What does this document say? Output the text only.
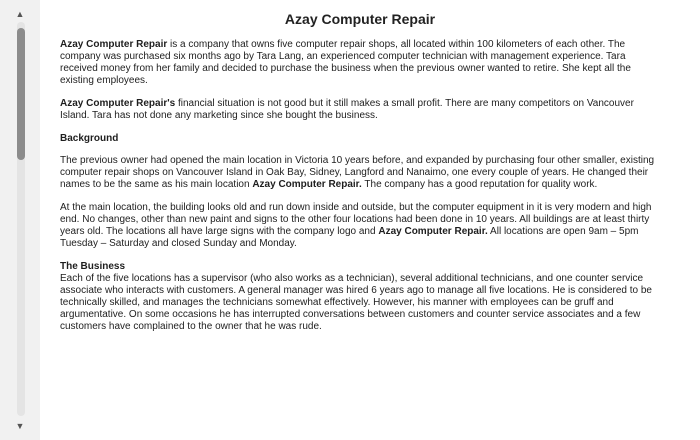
▲
▼
Azay Computer Repair

Azay Computer Repair is a company that owns five computer repair shops, all located within 100 kilometers of each other. The company was purchased six months ago by Tara Lang, an experienced computer technician with management experience. Tara received money from her family and decided to purchase the business when the previous owner wanted to retire. She kept all the existing employees.

Azay Computer Repair's financial situation is not good but it still makes a small profit. There are many competitors on Vancouver Island. Tara has not done any marketing since she bought the business.

Background

The previous owner had opened the main location in Victoria 10 years before, and expanded by purchasing four other smaller, existing computer repair shops on Vancouver Island in Oak Bay, Sidney, Langford and Nanaimo, one every couple of years. He changed their names to be the same as his main location Azay Computer Repair. The company has a good reputation for quality work.

At the main location, the building looks old and run down inside and outside, but the computer equipment in it is very modern and high end. No changes, other than new paint and signs to the other four locations had been done in 10 years. All buildings are at least thirty years old. The locations all have large signs with the company logo and Azay Computer Repair. All locations are open 9am – 5pm Tuesday – Saturday and closed Sunday and Monday.

The Business

Each of the five locations has a supervisor (who also works as a technician), several additional technicians, and one counter service associate who interacts with customers. A general manager was hired 6 years ago to manage all five locations. He is considered to be technically skilled, and manages the technicians somewhat effectively. However, his manner with employees can be gruff and argumentative. On some occasions he has interrupted conversations between customers and counter service associates and a few customers have complained to the owner that he was rude.
